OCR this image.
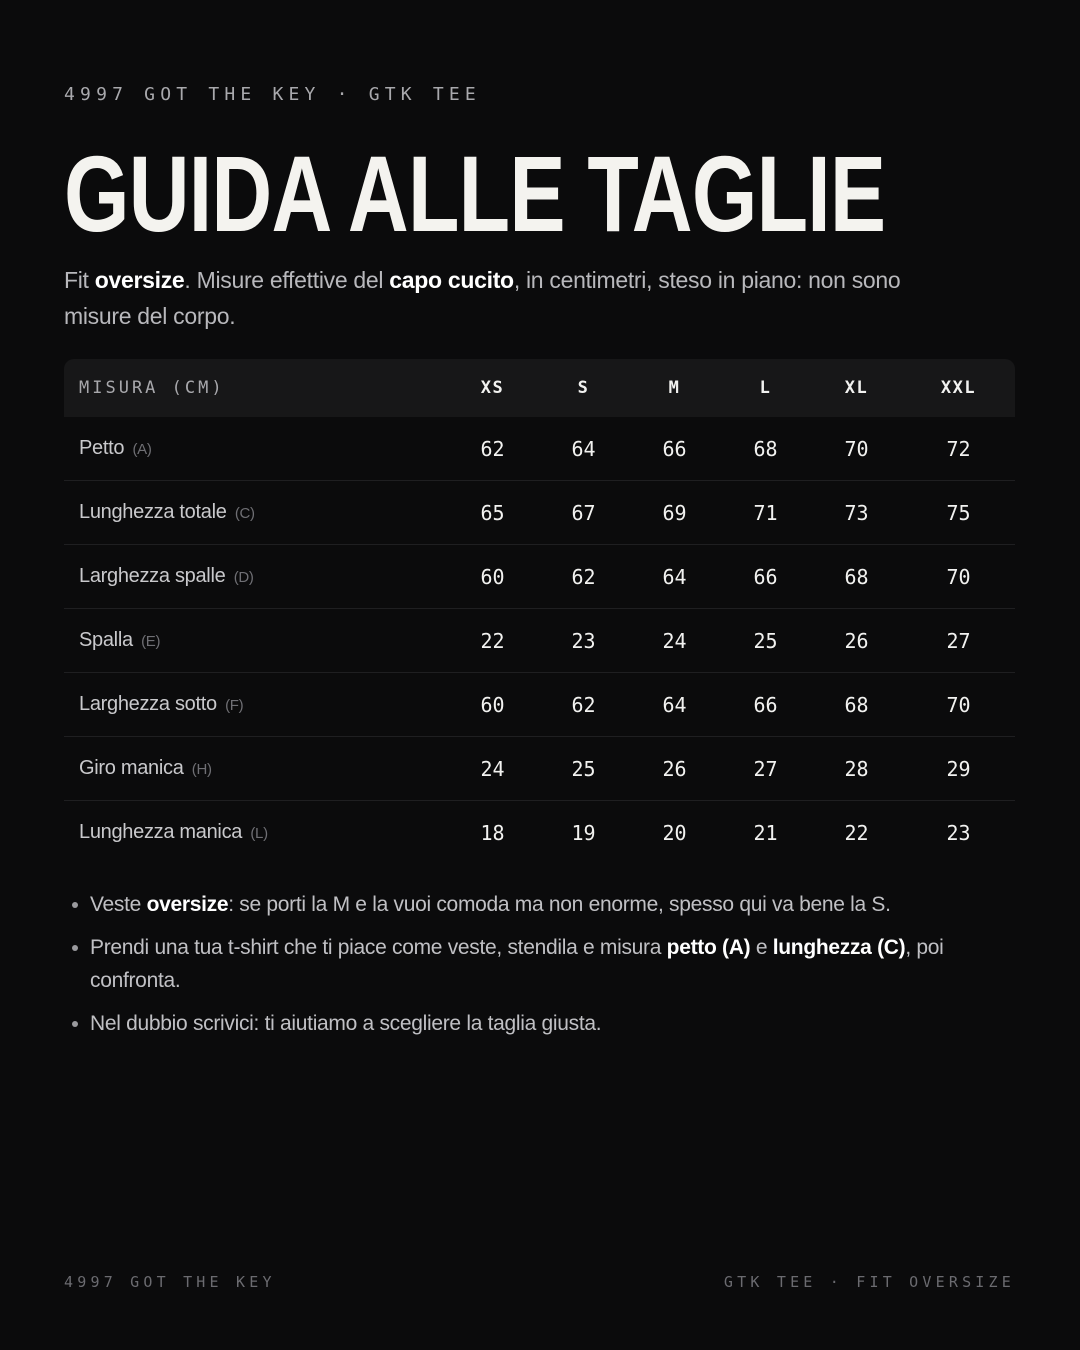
4997 GOT THE KEY · GTK TEE
GUIDA ALLE TAGLIE

Fit oversize. Misure effettive del capo cucito, in centimetri, steso in piano: non sono misure del corpo.

MISURA (CM)	XS	S	M	L	XL	XXL
Petto (A)	62	64	66	68	70	72
Lunghezza totale (C)	65	67	69	71	73	75
Larghezza spalle (D)	60	62	64	66	68	70
Spalla (E)	22	23	24	25	26	27
Larghezza sotto (F)	60	62	64	66	68	70
Giro manica (H)	24	25	26	27	28	29
Lunghezza manica (L)	18	19	20	21	22	23
Veste oversize: se porti la M e la vuoi comoda ma non enorme, spesso qui va bene la S.
Prendi una tua t-shirt che ti piace come veste, stendila e misura petto (A) e lunghezza (C), poi confronta.
Nel dubbio scrivici: ti aiutiamo a scegliere la taglia giusta.
4997 GOT THE KEY	GTK TEE · FIT OVERSIZE
